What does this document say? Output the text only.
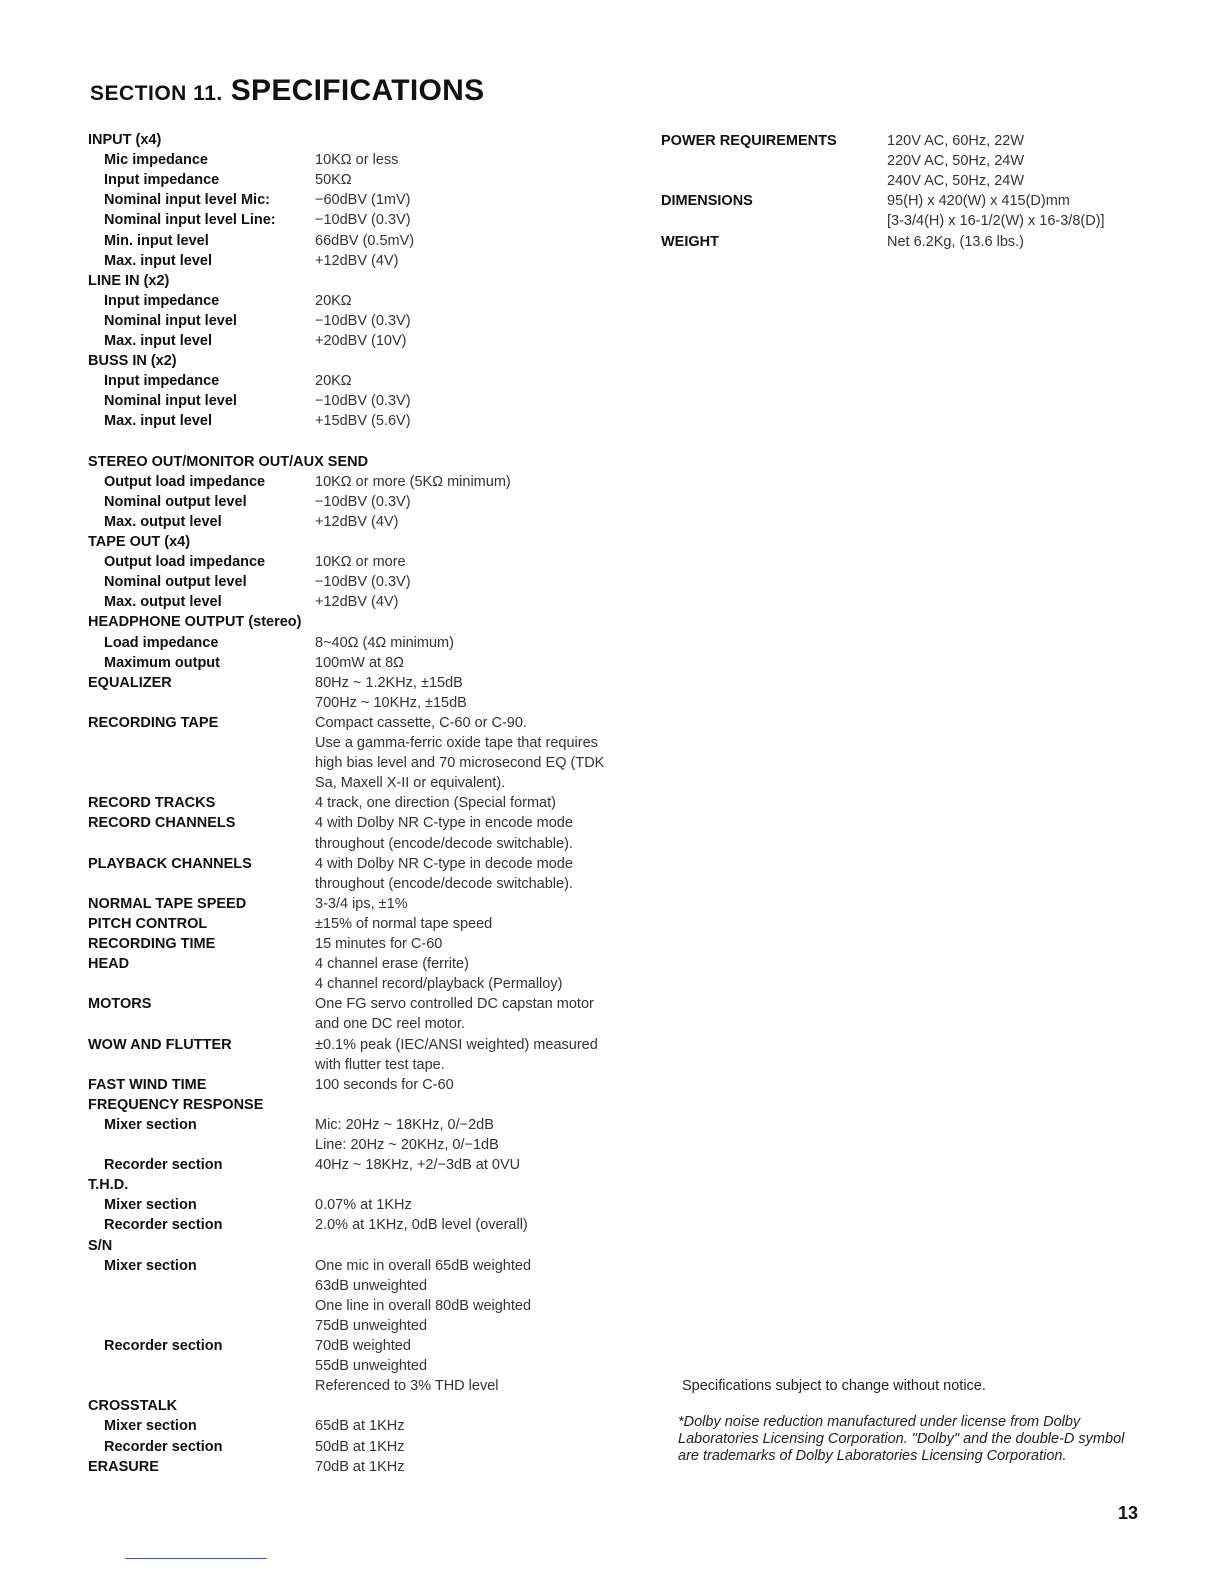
SECTION 11. SPECIFICATIONS
INPUT (x4)
Mic impedance	10KΩ or less
Input impedance	50KΩ
Nominal input level Mic:	−60dBV (1mV)
Nominal input level Line:	−10dBV (0.3V)
Min. input level	66dBV (0.5mV)
Max. input level	+12dBV (4V)
LINE IN (x2)
Input impedance	20KΩ
Nominal input level	−10dBV (0.3V)
Max. input level	+20dBV (10V)
BUSS IN (x2)
Input impedance	20KΩ
Nominal input level	−10dBV (0.3V)
Max. input level	+15dBV (5.6V)
STEREO OUT/MONITOR OUT/AUX SEND
Output load impedance	10KΩ or more (5KΩ minimum)
Nominal output level	−10dBV (0.3V)
Max. output level	+12dBV (4V)
TAPE OUT (x4)
Output load impedance	10KΩ or more
Nominal output level	−10dBV (0.3V)
Max. output level	+12dBV (4V)
HEADPHONE OUTPUT (stereo)
Load impedance	8~40Ω (4Ω minimum)
Maximum output	100mW at 8Ω
EQUALIZER	80Hz ~ 1.2KHz, ±15dB
700Hz ~ 10KHz, ±15dB
RECORDING TAPE	Compact cassette, C-60 or C-90.
Use a gamma-ferric oxide tape that requires
high bias level and 70 microsecond EQ (TDK
Sa, Maxell X-II or equivalent).
RECORD TRACKS	4 track, one direction (Special format)
RECORD CHANNELS	4 with Dolby NR C-type in encode mode
throughout (encode/decode switchable).
PLAYBACK CHANNELS	4 with Dolby NR C-type in decode mode
throughout (encode/decode switchable).
NORMAL TAPE SPEED	3-3/4 ips, ±1%
PITCH CONTROL	±15% of normal tape speed
RECORDING TIME	15 minutes for C-60
HEAD	4 channel erase (ferrite)
4 channel record/playback (Permalloy)
MOTORS	One FG servo controlled DC capstan motor
and one DC reel motor.
WOW AND FLUTTER	±0.1% peak (IEC/ANSI weighted) measured
with flutter test tape.
FAST WIND TIME	100 seconds for C-60
FREQUENCY RESPONSE
Mixer section	Mic: 20Hz ~ 18KHz, 0/−2dB
Line: 20Hz ~ 20KHz, 0/−1dB
Recorder section	40Hz ~ 18KHz, +2/−3dB at 0VU
T.H.D.
Mixer section	0.07% at 1KHz
Recorder section	2.0% at 1KHz, 0dB level (overall)
S/N
Mixer section	One mic in overall 65dB weighted
63dB unweighted
One line in overall 80dB weighted
75dB unweighted
Recorder section	70dB weighted
55dB unweighted
Referenced to 3% THD level
CROSSTALK
Mixer section	65dB at 1KHz
Recorder section	50dB at 1KHz
ERASURE	70dB at 1KHz
POWER REQUIREMENTS	120V AC, 60Hz, 22W
220V AC, 50Hz, 24W
240V AC, 50Hz, 24W
DIMENSIONS	95(H) x 420(W) x 415(D)mm
[3-3/4(H) x 16-1/2(W) x 16-3/8(D)]
WEIGHT	Net 6.2Kg, (13.6 lbs.)
Specifications subject to change without notice.
*Dolby noise reduction manufactured under license from Dolby Laboratories Licensing Corporation. "Dolby" and the double-D symbol are trademarks of Dolby Laboratories Licensing Corporation.
13
